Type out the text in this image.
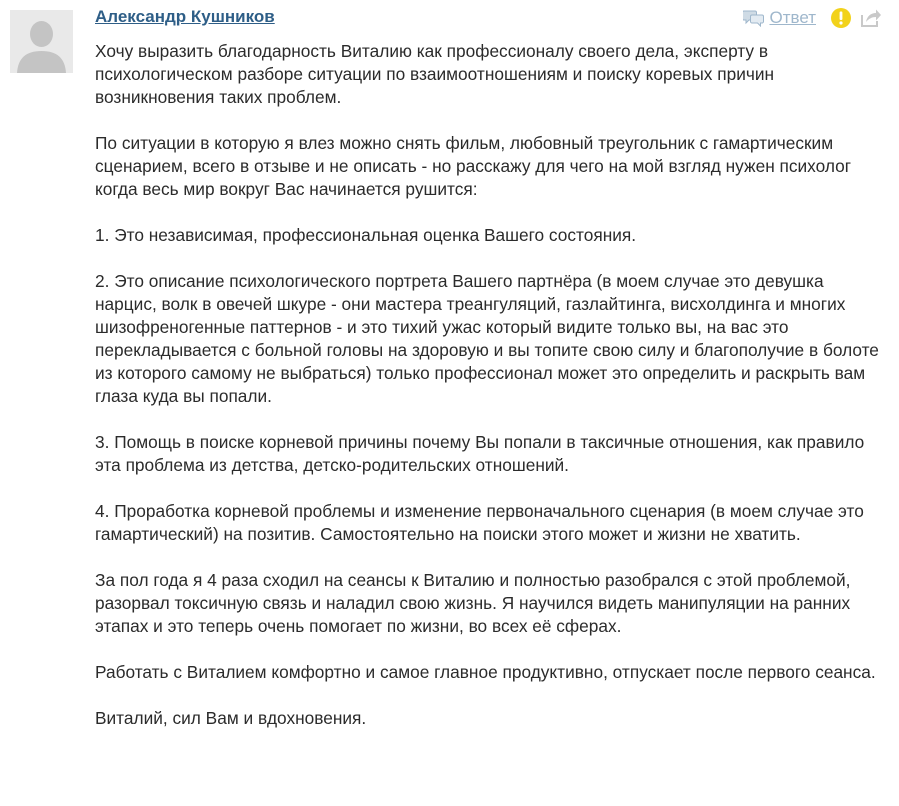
Александр Кушников	Ответ

Хочу выразить благодарность Виталию как профессионалу своего дела, эксперту в психологическом разборе ситуации по взаимоотношениям и поиску коревых причин возникновения таких проблем.

По ситуации в которую я влез можно снять фильм, любовный треугольник с гамартическим сценарием, всего в отзыве и не описать - но расскажу для чего на мой взгляд нужен психолог когда весь мир вокруг Вас начинается рушится:

1. Это независимая, профессиональная оценка Вашего состояния.

2. Это описание психологического портрета Вашего партнёра (в моем случае это девушка нарцис, волк в овечей шкуре - они мастера треангуляций, газлайтинга, висхолдинга и многих шизофреногенные паттернов - и это тихий ужас который видите только вы, на вас это перекладывается с больной головы на здоровую и вы топите свою силу и благополучие в болоте из которого самому не выбраться) только профессионал может это определить и раскрыть вам глаза куда вы попали.

3. Помощь в поиске корневой причины почему Вы попали в таксичные отношения, как правило эта проблема из детства, детско-родительских отношений.

4. Проработка корневой проблемы и изменение первоначального сценария (в моем случае это гамартический) на позитив. Самостоятельно на поиски этого может и жизни не хватить.

За пол года я 4 раза сходил на сеансы к Виталию и полностью разобрался с этой проблемой, разорвал токсичную связь и наладил свою жизнь. Я научился видеть манипуляции на ранних этапах и это теперь очень помогает по жизни, во всех её сферах.

Работать с Виталием комфортно и самое главное продуктивно, отпускает после первого сеанса.

Виталий, сил Вам и вдохновения.
